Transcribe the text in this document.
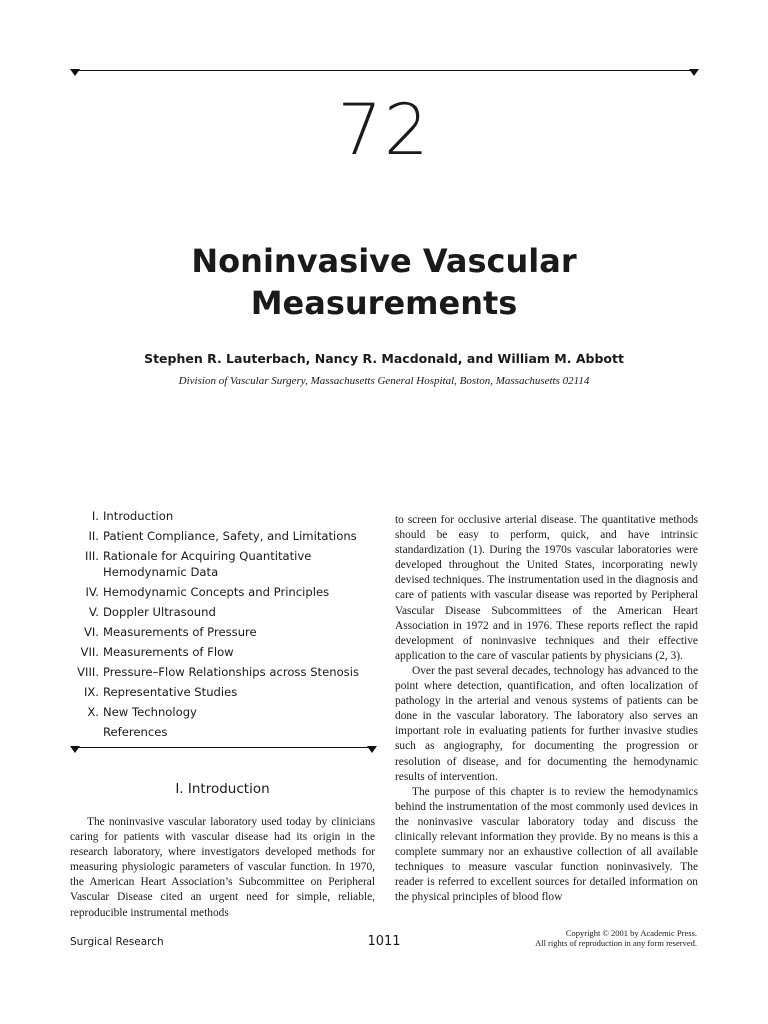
72
Noninvasive Vascular
Measurements
Stephen R. Lauterbach, Nancy R. Macdonald, and William M. Abbott
Division of Vascular Surgery, Massachusetts General Hospital, Boston, Massachusetts 02114
I. Introduction
II. Patient Compliance, Safety, and Limitations
III. Rationale for Acquiring Quantitative Hemodynamic Data
IV. Hemodynamic Concepts and Principles
V. Doppler Ultrasound
VI. Measurements of Pressure
VII. Measurements of Flow
VIII. Pressure–Flow Relationships across Stenosis
IX. Representative Studies
X. New Technology
References
I. Introduction

The noninvasive vascular laboratory used today by clinicians caring for patients with vascular disease had its origin in the research laboratory, where investigators developed methods for measuring physiologic parameters of vascular function. In 1970, the American Heart Association’s Subcommittee on Peripheral Vascular Disease cited an urgent need for simple, reliable, reproducible instrumental methods

to screen for occlusive arterial disease. The quantitative methods should be easy to perform, quick, and have intrinsic standardization (1). During the 1970s vascular laboratories were developed throughout the United States, incorporating newly devised techniques. The instrumentation used in the diagnosis and care of patients with vascular disease was reported by Peripheral Vascular Disease Subcommittees of the American Heart Association in 1972 and in 1976. These reports reflect the rapid development of noninvasive techniques and their effective application to the care of vascular patients by physicians (2, 3).

Over the past several decades, technology has advanced to the point where detection, quantification, and often localization of pathology in the arterial and venous systems of patients can be done in the vascular laboratory. The laboratory also serves an important role in evaluating patients for further invasive studies such as angiography, for documenting the progression or resolution of disease, and for documenting the hemodynamic results of intervention.

The purpose of this chapter is to review the hemodynamics behind the instrumentation of the most commonly used devices in the noninvasive vascular laboratory today and discuss the clinically relevant information they provide. By no means is this a complete summary nor an exhaustive collection of all available techniques to measure vascular function noninvasively. The reader is referred to excellent sources for detailed information on the physical principles of blood flow

Surgical Research	1011
Copyright © 2001 by Academic Press.
All rights of reproduction in any form reserved.
